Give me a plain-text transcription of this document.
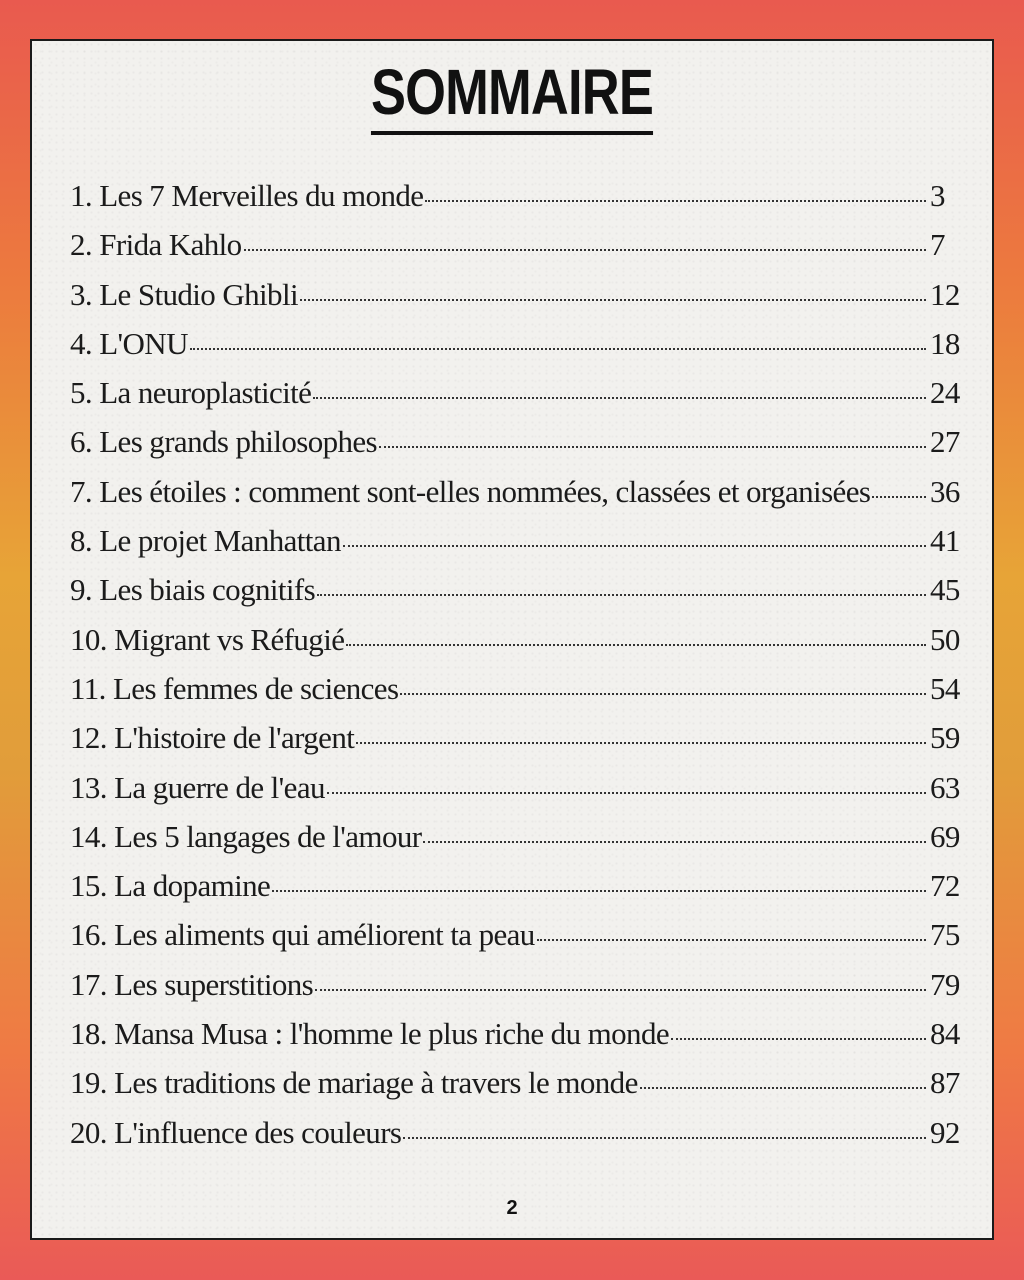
SOMMAIRE
1. Les 7 Merveilles du monde	3
2. Frida Kahlo	7
3. Le Studio Ghibli	12
4. L'ONU	18
5. La neuroplasticité	24
6. Les grands philosophes	27
7. Les étoiles : comment sont-elles nommées, classées et organisées 36
8. Le projet Manhattan	41
9. Les biais cognitifs	45
10. Migrant vs Réfugié	50
11. Les femmes de sciences	54
12. L'histoire de l'argent	59
13. La guerre de l'eau	63
14. Les 5 langages de l'amour	69
15. La dopamine	72
16. Les aliments qui améliorent ta peau	75
17. Les superstitions	79
18. Mansa Musa : l'homme le plus riche du monde	84
19. Les traditions de mariage à travers le monde	87
20. L'influence des couleurs	92
2
